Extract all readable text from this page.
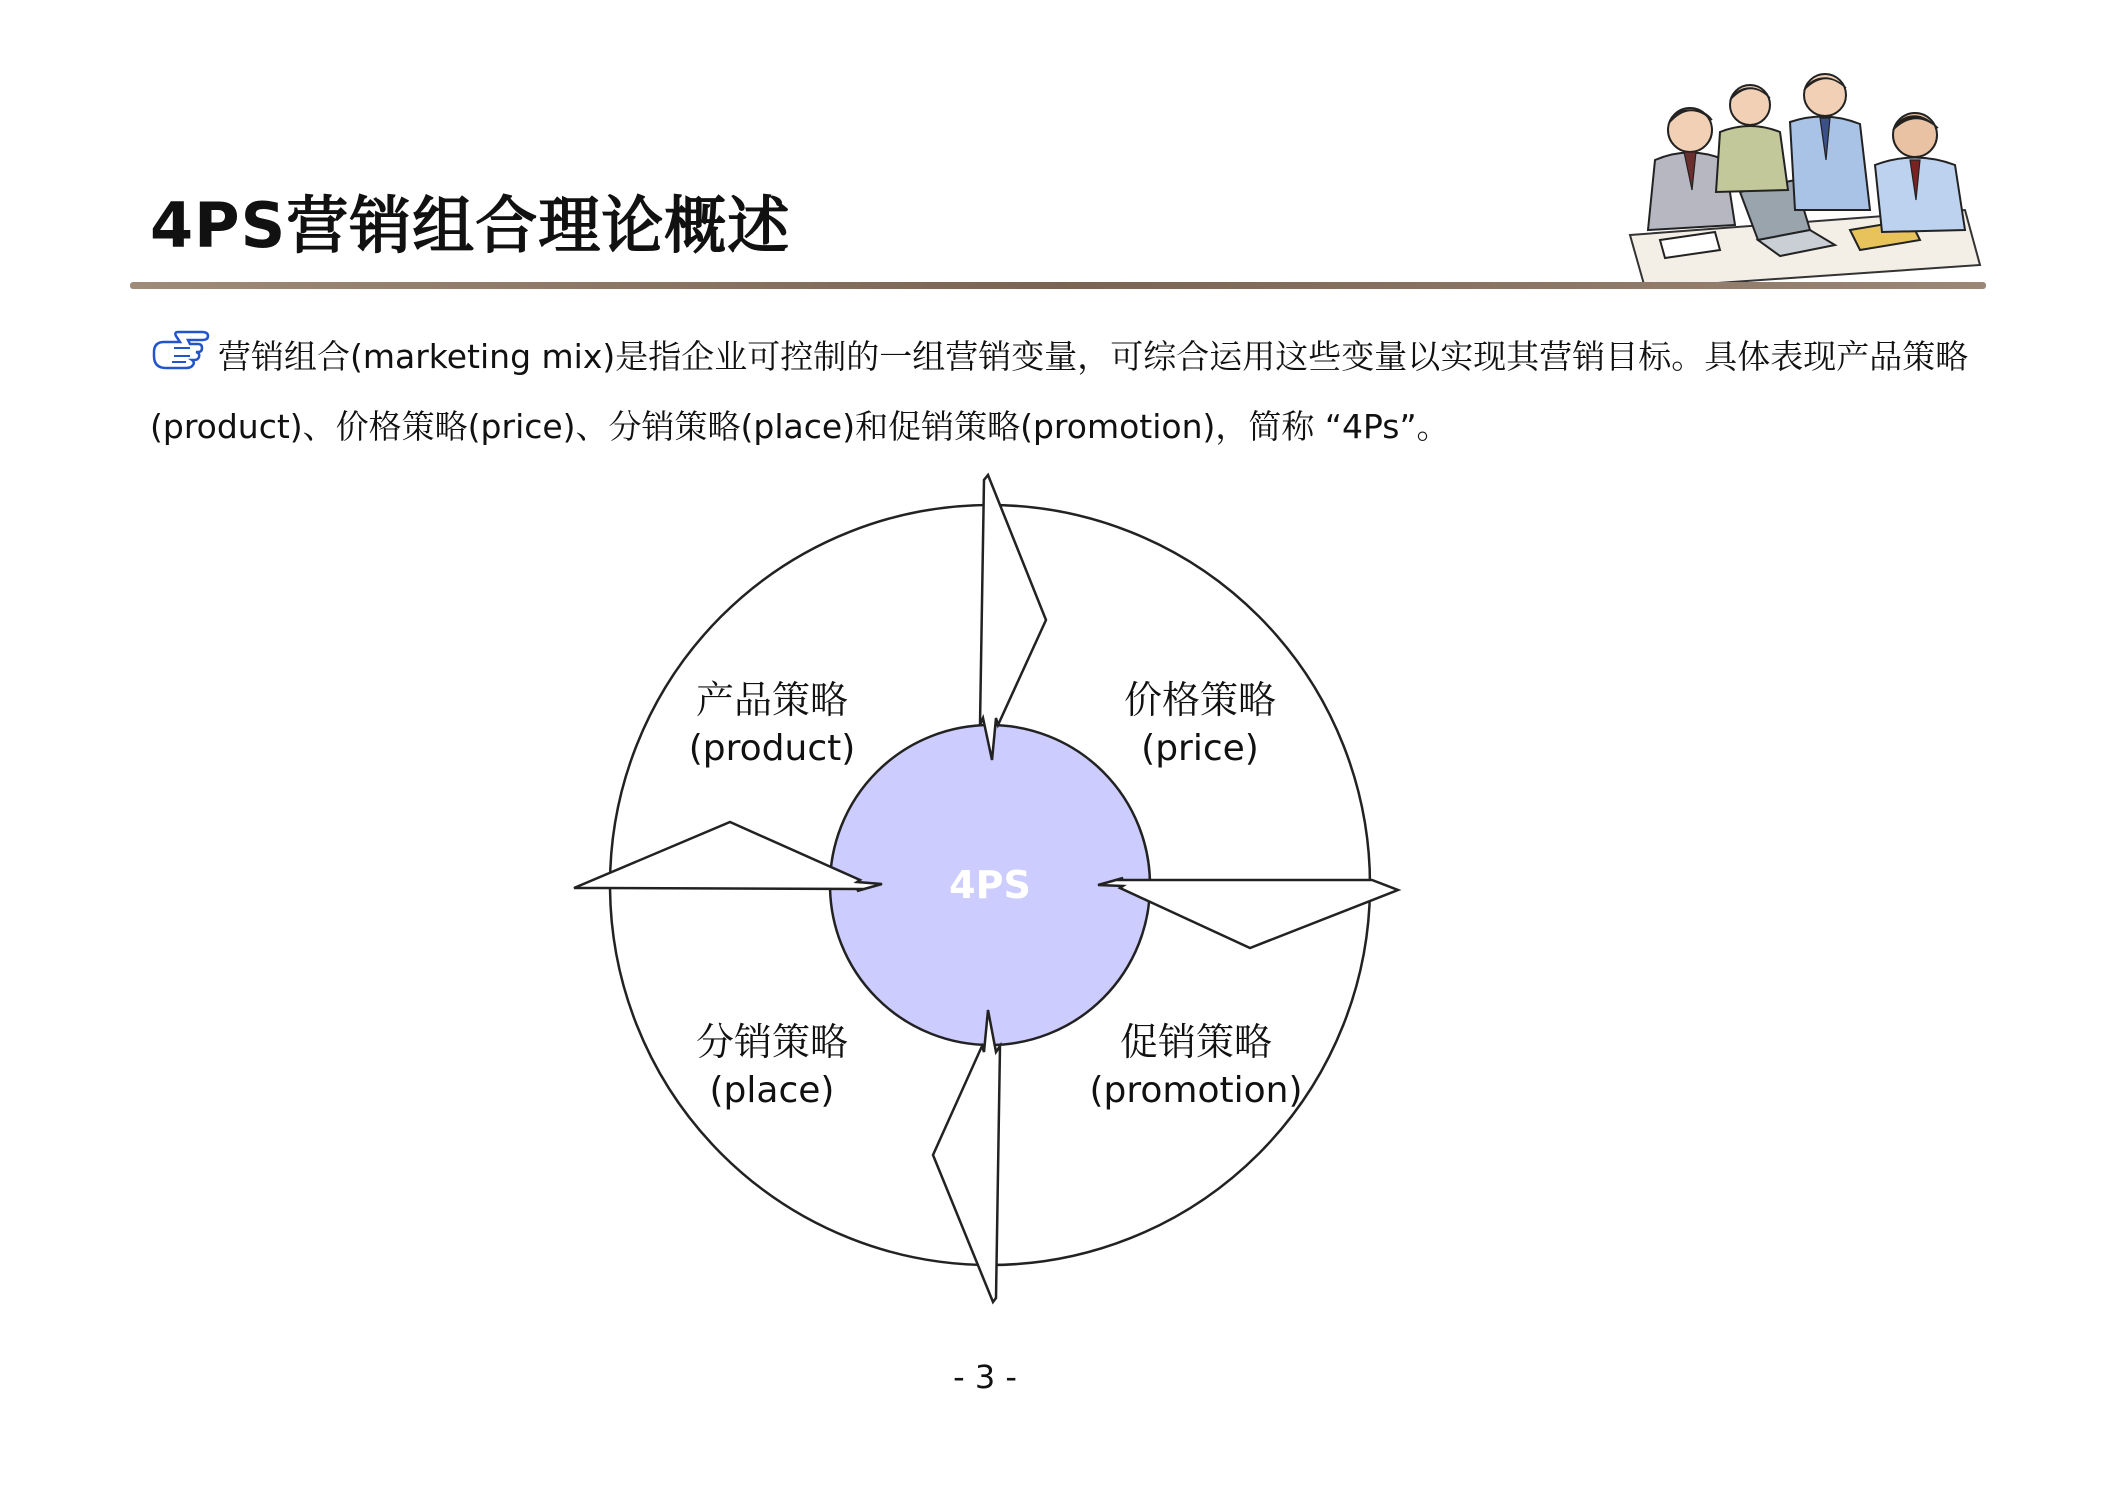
4PS营销组合理论概述
营销组合(marketing mix)是指企业可控制的一组营销变量，可综合运用这些变量以实现其营销目标。具体表现产品策略(product)、价格策略(price)、分销策略(place)和促销策略(promotion)，简称 “4Ps”。
4PS
产品策略
(product)
价格策略
(price)
分销策略
(place)
促销策略
(promotion)
- 3 -
